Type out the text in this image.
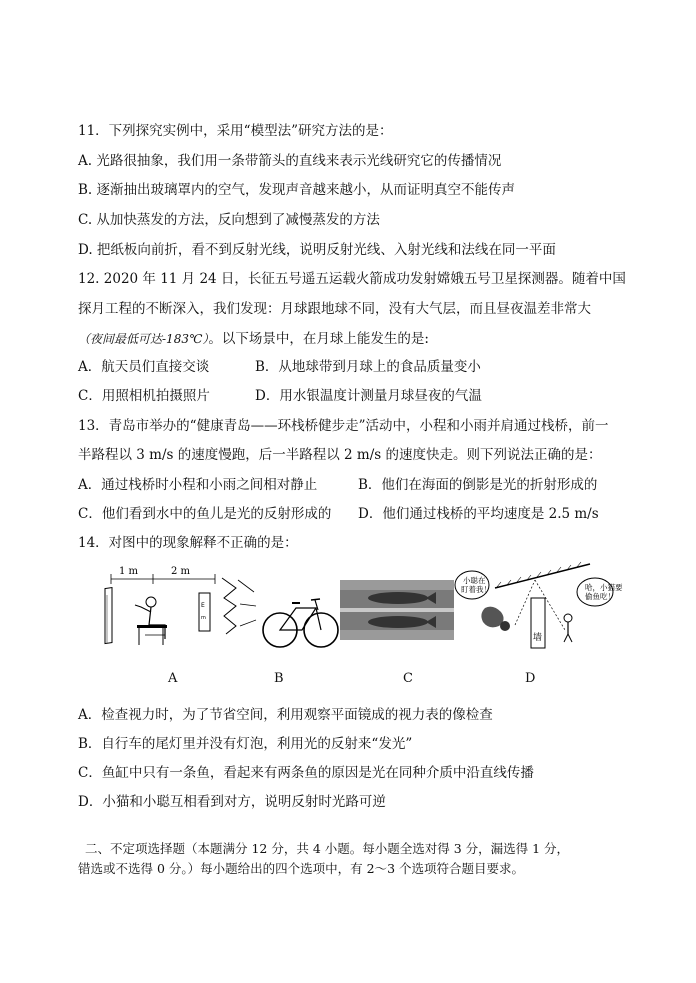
11．下列探究实例中，采用“模型法”研究方法的是：
A. 光路很抽象，我们用一条带箭头的直线来表示光线研究它的传播情况
B. 逐渐抽出玻璃罩内的空气，发现声音越来越小，从而证明真空不能传声
C. 从加快蒸发的方法，反向想到了减慢蒸发的方法
D. 把纸板向前折，看不到反射光线，说明反射光线、入射光线和法线在同一平面
12. 2020 年 11 月 24 日，长征五号遥五运载火箭成功发射嫦娥五号卫星探测器。随着中国
探月工程的不断深入，我们发现：月球跟地球不同，没有大气层，而且昼夜温差非常大
（夜间最低可达-183℃）。以下场景中，在月球上能发生的是:
A．航天员们直接交谈	B．从地球带到月球上的食品质量变小
C．用照相机拍摄照片	D．用水银温度计测量月球昼夜的气温
13．青岛市举办的“健康青岛——环栈桥健步走”活动中，小程和小雨并肩通过栈桥，前一
半路程以 3 m/s 的速度慢跑，后一半路程以 2 m/s 的速度快走。则下列说法正确的是：
A．通过栈桥时小程和小雨之间相对静止	B．他们在海面的倒影是光的折射形成的
C．他们看到水中的鱼儿是光的反射形成的 D．他们通过栈桥的平均速度是 2.5 m/s
14．对图中的现象解释不正确的是：
1 m	2 m
E
m
墙
小聪在
盯着我！	哈，小猫要
偷鱼吃！
A	B	C	D
A．检查视力时，为了节省空间，利用观察平面镜成的视力表的像检查
B．自行车的尾灯里并没有灯泡，利用光的反射来“发光”
C．鱼缸中只有一条鱼，看起来有两条鱼的原因是光在同种介质中沿直线传播
D．小猫和小聪互相看到对方，说明反射时光路可逆
二、不定项选择题（本题满分 12 分，共 4 小题。每小题全选对得 3 分，漏选得 1 分，
错选或不选得 0 分。）每小题给出的四个选项中，有 2～3 个选项符合题目要求。
